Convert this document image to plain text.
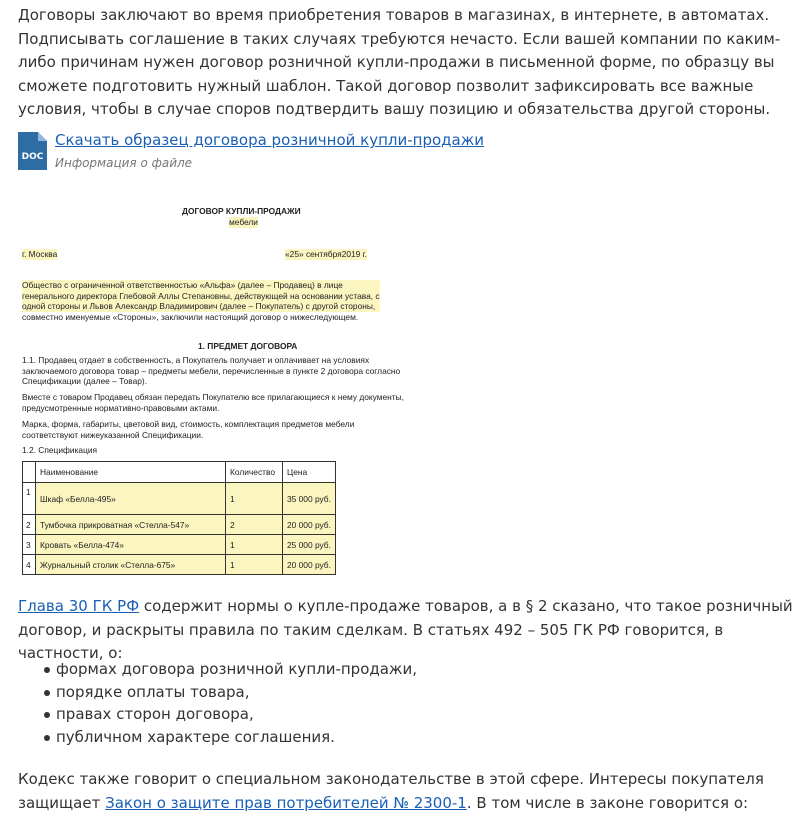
Договоры заключают во время приобретения товаров в магазинах, в интернете, в автоматах. Подписывать соглашение в таких случаях требуются нечасто. Если вашей компании по каким-либо причинам нужен договор розничной купли-продажи в письменной форме, по образцу вы сможете подготовить нужный шаблон. Такой договор позволит зафиксировать все важные условия, чтобы в случае споров подтвердить вашу позицию и обязательства другой стороны.

DOC
Скачать образец договора розничной купли-продажи
Информация о файле
ДОГОВОР КУПЛИ-ПРОДАЖИ
мебели
г. Москва	«25» сентября2019 г.
Общество с ограниченной ответственностью «Альфа» (далее – Продавец) в лице
генерального директора Глебовой Аллы Степановны, действующей на основании устава, с
одной стороны и Львов Александр Владимирович (далее – Покупатель) с другой стороны,
совместно именуемые «Стороны», заключили настоящий договор о нижеследующем.
1. ПРЕДМЕТ ДОГОВОРА
1.1. Продавец отдает в собственность, а Покупатель получает и оплачивает на условиях
заключаемого договора товар – предметы мебели, перечисленные в пункте 2 договора согласно
Спецификации (далее – Товар).
Вместе с товаром Продавец обязан передать Покупателю все прилагающиеся к нему документы,
предусмотренные нормативно-правовыми актами.
Марка, форма, габариты, цветовой вид, стоимость, комплектация предметов мебели
соответствуют нижеуказанной Спецификации.
1.2. Спецификация
	Наименование	Количество	Цена
1	Шкаф «Белла-495»	1	35 000 руб.
2	Тумбочка прикроватная «Стелла-547»	2	20 000 руб.
3	Кровать «Белла-474»	1	25 000 руб.
4	Журнальный столик «Стелла-675»	1	20 000 руб.

Глава 30 ГК РФ содержит нормы о купле-продаже товаров, а в § 2 сказано, что такое розничный договор, и раскрыты правила по таким сделкам. В статьях 492 – 505 ГК РФ говорится, в частности, о:

формах договора розничной купли-продажи,
порядке оплаты товара,
правах сторон договора,
публичном характере соглашения.

Кодекс также говорит о специальном законодательстве в этой сфере. Интересы покупателя защищает Закон о защите прав потребителей № 2300-1. В том числе в законе говорится о:
